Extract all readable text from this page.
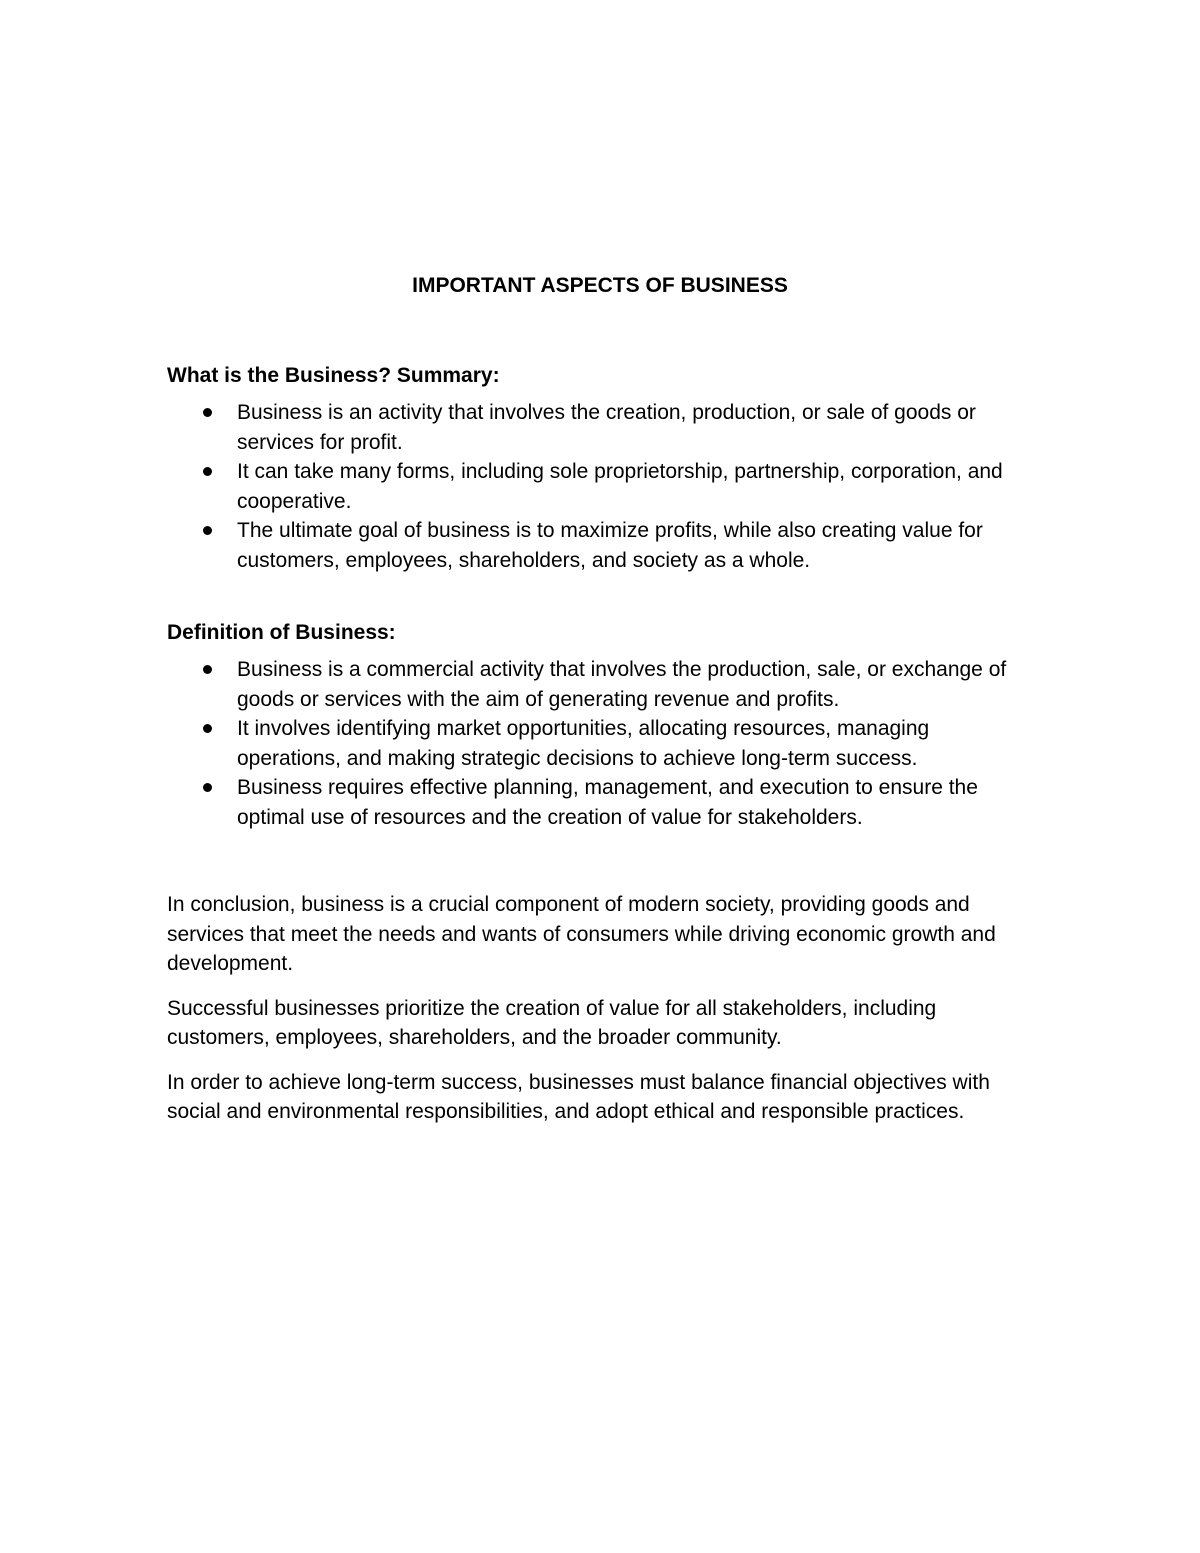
IMPORTANT ASPECTS OF BUSINESS
What is the Business? Summary:
Business is an activity that involves the creation, production, or sale of goods or services for profit.
It can take many forms, including sole proprietorship, partnership, corporation, and cooperative.
The ultimate goal of business is to maximize profits, while also creating value for customers, employees, shareholders, and society as a whole.
Definition of Business:
Business is a commercial activity that involves the production, sale, or exchange of goods or services with the aim of generating revenue and profits.
It involves identifying market opportunities, allocating resources, managing operations, and making strategic decisions to achieve long-term success.
Business requires effective planning, management, and execution to ensure the optimal use of resources and the creation of value for stakeholders.

In conclusion, business is a crucial component of modern society, providing goods and services that meet the needs and wants of consumers while driving economic growth and development.

Successful businesses prioritize the creation of value for all stakeholders, including customers, employees, shareholders, and the broader community.

In order to achieve long-term success, businesses must balance financial objectives with social and environmental responsibilities, and adopt ethical and responsible practices.
